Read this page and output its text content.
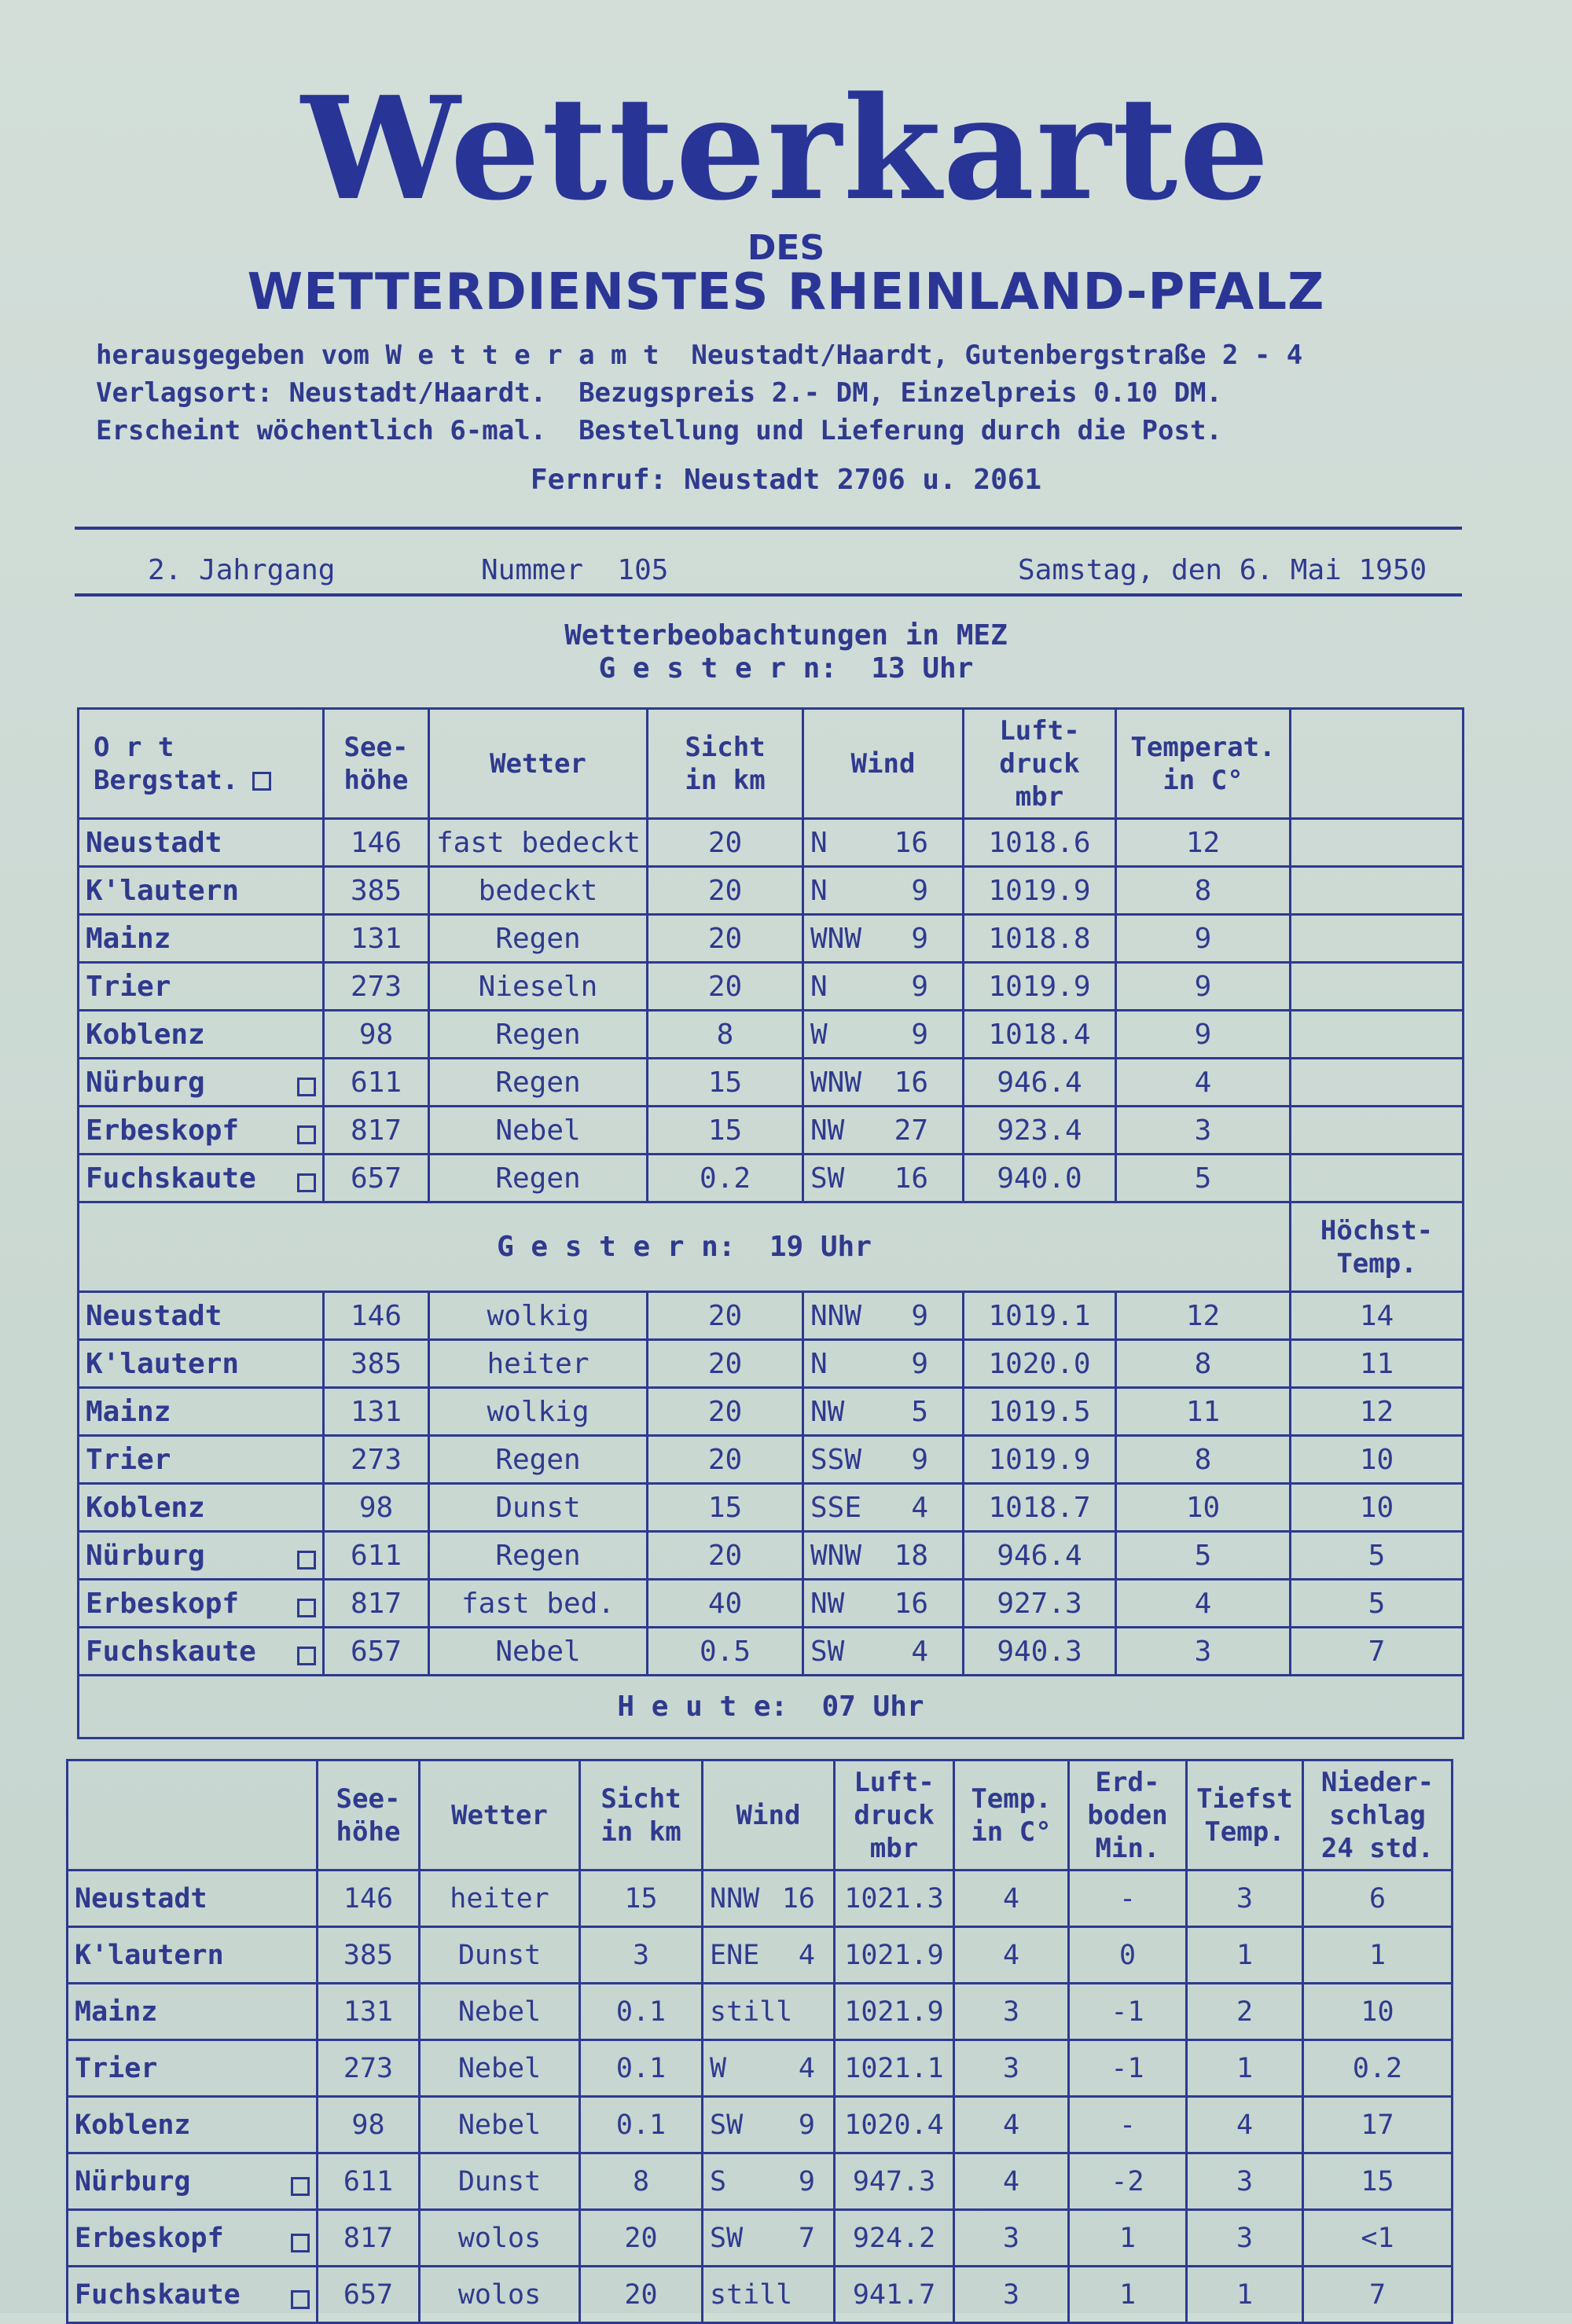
Wetterkarte
DES
WETTERDIENSTES RHEINLAND-PFALZ
herausgegeben vom W e t t e r a m t  Neustadt/Haardt, Gutenbergstraße 2 - 4
Verlagsort: Neustadt/Haardt.  Bezugspreis 2.- DM, Einzelpreis 0.10 DM.
Erscheint wöchentlich 6-mal.  Bestellung und Lieferung durch die Post.
Fernruf: Neustadt 2706 u. 2061
2. Jahrgang	Nummer  105	Samstag, den 6. Mai 1950
Wetterbeobachtungen in MEZ
G e s t e r n:  13 Uhr
O r t
Bergstat.	See-
höhe	Wetter	Sicht
in km	Wind	Luft-
druck
mbr	Temperat.
in C°	
Neustadt	146	fast bedeckt	20	N 16	1018.6	12	
K'lautern	385	bedeckt	20	N 9	1019.9	8	
Mainz	131	Regen	20	WNW 9	1018.8	9	
Trier	273	Nieseln	20	N 9	1019.9	9	
Koblenz	98	Regen	8	W 9	1018.4	9	
Nürburg	611	Regen	15	WNW 16	946.4	4	
Erbeskopf	817	Nebel	15	NW 27	923.4	3	
Fuchskaute	657	Regen	0.2	SW 16	940.0	5	
G e s t e r n:  19 Uhr							Höchst-
Temp.
Neustadt	146	wolkig	20	NNW 9	1019.1	12	14
K'lautern	385	heiter	20	N 9	1020.0	8	11
Mainz	131	wolkig	20	NW 5	1019.5	11	12
Trier	273	Regen	20	SSW 9	1019.9	8	10
Koblenz	98	Dunst	15	SSE 4	1018.7	10	10
Nürburg	611	Regen	20	WNW 18	946.4	5	5
Erbeskopf	817	fast bed.	40	NW 16	927.3	4	5
Fuchskaute	657	Nebel	0.5	SW 4	940.3	3	7
H e u t e:  07 Uhr							
	See-
höhe	Wetter	Sicht
in km	Wind	Luft-
druck
mbr	Temp.
in C°	Erd-
boden
Min.	Tiefst
Temp.	Nieder-
schlag
24 std.
Neustadt	146	heiter	15	NNW 16	1021.3	4	-	3	6
K'lautern	385	Dunst	3	ENE 4	1021.9	4	0	1	1
Mainz	131	Nebel	0.1	still	1021.9	3	-1	2	10
Trier	273	Nebel	0.1	W 4	1021.1	3	-1	1	0.2
Koblenz	98	Nebel	0.1	SW 9	1020.4	4	-	4	17
Nürburg	611	Dunst	8	S 9	947.3	4	-2	3	15
Erbeskopf	817	wolos	20	SW 7	924.2	3	1	3	<1
Fuchskaute	657	wolos	20	still	941.7	3	1	1	7
